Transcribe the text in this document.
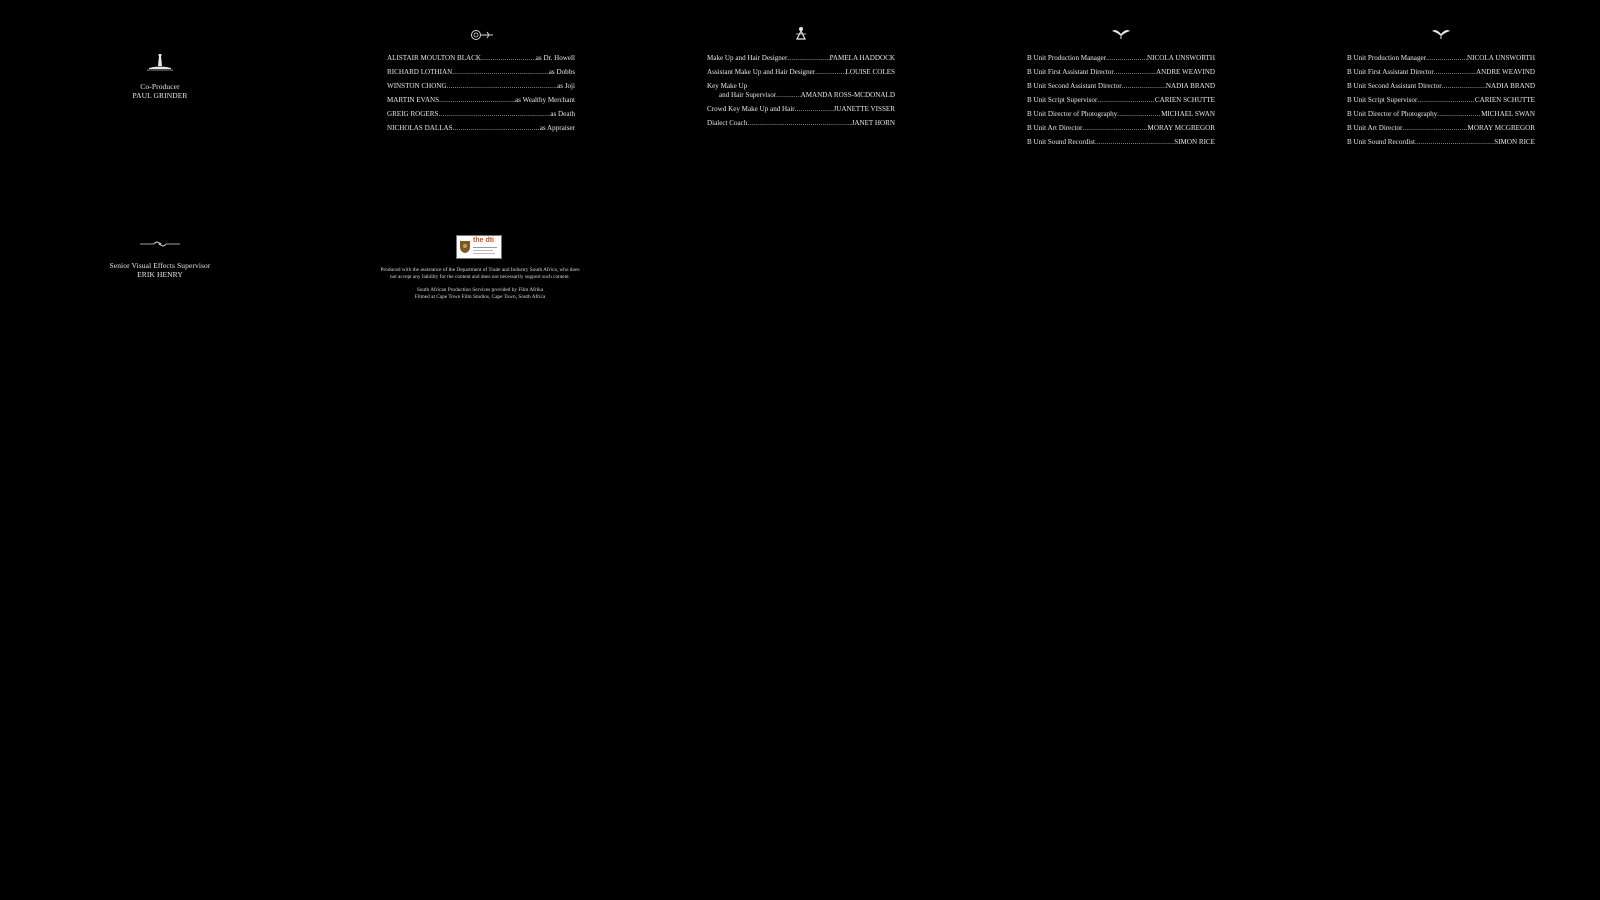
Co-Producer
PAUL GRINDER
ALISTAIR MOULTON BLACK .....	as Dr. Howell
RICHARD LOTHIAN .....	as Dobbs
WINSTON CHONG .....	as Joji
MARTIN EVANS .....	as Wealthy Merchant
GREIG ROGERS .....	as Death
NICHOLAS DALLAS .....	as Appraiser
Make Up and Hair Designer .....	PAMELA HADDOCK
Assistant Make Up and Hair Designer .....	LOUISE COLES
Key Make Up
and Hair Supervisor .....	AMANDA ROSS-MCDONALD
Crowd Key Make Up and Hair .....	JUANETTE VISSER
Dialect Coach .....	JANET HORN
B Unit Production Manager .....	NICOLA UNSWORTH
B Unit First Assistant Director .....	ANDRE WEAVIND
B Unit Second Assistant Director .....	NADIA BRAND
B Unit Script Supervisor .....	CARIEN SCHUTTE
B Unit Director of Photography .....	MICHAEL SWAN
B Unit Art Director .....	MORAY MCGREGOR
B Unit Sound Recordist .....	SIMON RICE
B Unit Production Manager .....	NICOLA UNSWORTH
B Unit First Assistant Director .....	ANDRE WEAVIND
B Unit Second Assistant Director .....	NADIA BRAND
B Unit Script Supervisor .....	CARIEN SCHUTTE
B Unit Director of Photography .....	MICHAEL SWAN
B Unit Art Director .....	MORAY MCGREGOR
B Unit Sound Recordist .....	SIMON RICE
Senior Visual Effects Supervisor
ERIK HENRY
the dti
Produced with the assistance of the Department of Trade and Industry South Africa, who does
not accept any liability for the content and does not necessarily support such content.
South African Production Services provided by Film Afrika
Filmed at Cape Town Film Studios, Cape Town, South Africa
